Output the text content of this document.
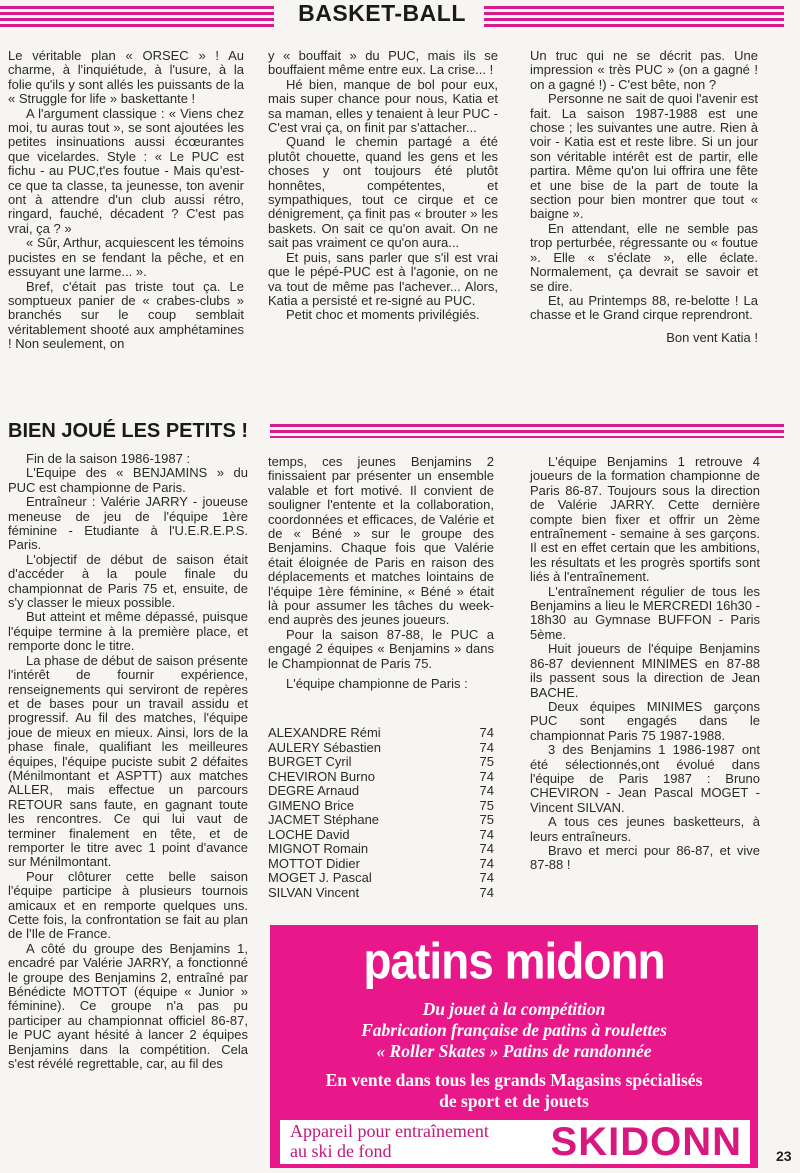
BASKET-BALL

Le véritable plan « ORSEC » ! Au charme, à l'inquiétude, à l'usure, à la folie qu'ils y sont allés les puissants de la « Struggle for life » baskettante !

A l'argument classique : « Viens chez moi, tu auras tout », se sont ajoutées les petites insinuations aussi écœurantes que vicelardes. Style : « Le PUC est fichu - au PUC,t'es foutue - Mais qu'est-ce que ta classe, ta jeunesse, ton avenir ont à attendre d'un club aussi rétro, ringard, fauché, décadent ? C'est pas vrai, ça ? »

« Sûr, Arthur, acquiescent les témoins pucistes en se fendant la pêche, et en essuyant une larme... ».

Bref, c'était pas triste tout ça. Le somptueux panier de « crabes-clubs » branchés sur le coup semblait véritablement shooté aux amphétamines ! Non seulement, on

y « bouffait » du PUC, mais ils se bouffaient même entre eux. La crise... !

Hé bien, manque de bol pour eux, mais super chance pour nous, Katia et sa maman, elles y tenaient à leur PUC - C'est vrai ça, on finit par s'attacher...

Quand le chemin partagé a été plutôt chouette, quand les gens et les choses y ont toujours été plutôt honnêtes, compétentes, et sympathiques, tout ce cirque et ce dénigrement, ça finit pas « brouter » les baskets. On sait ce qu'on avait. On ne sait pas vraiment ce qu'on aura...

Et puis, sans parler que s'il est vrai que le pépé-PUC est à l'agonie, on ne va tout de même pas l'achever... Alors, Katia a persisté et re-signé au PUC.

Petit choc et moments privilégiés.

Un truc qui ne se décrit pas. Une impression « très PUC » (on a gagné ! on a gagné !) - C'est bête, non ?

Personne ne sait de quoi l'avenir est fait. La saison 1987-1988 est une chose ; les suivantes une autre. Rien à voir - Katia est et reste libre. Si un jour son véritable intérêt est de partir, elle partira. Même qu'on lui offrira une fête et une bise de la part de toute la section pour bien montrer que tout « baigne ».

En attendant, elle ne semble pas trop perturbée, régressante ou « foutue ». Elle « s'éclate », elle éclate. Normalement, ça devrait se savoir et se dire.

Et, au Printemps 88, re-belotte ! La chasse et le Grand cirque reprendront.

Bon vent Katia !

BIEN JOUÉ LES PETITS !

Fin de la saison 1986-1987 :

L'Equipe des « BENJAMINS » du PUC est championne de Paris.

Entraîneur : Valérie JARRY - joueuse meneuse de jeu de l'équipe 1ère féminine - Etudiante à l'U.E.R.E.P.S. Paris.

L'objectif de début de saison était d'accéder à la poule finale du championnat de Paris 75 et, ensuite, de s'y classer le mieux possible.

But atteint et même dépassé, puisque l'équipe termine à la première place, et remporte donc le titre.

La phase de début de saison présente l'intérêt de fournir expérience, renseignements qui serviront de repères et de bases pour un travail assidu et progressif. Au fil des matches, l'équipe joue de mieux en mieux. Ainsi, lors de la phase finale, qualifiant les meilleures équipes, l'équipe puciste subit 2 défaites (Ménilmontant et ASPTT) aux matches ALLER, mais effectue un parcours RETOUR sans faute, en gagnant toute les rencontres. Ce qui lui vaut de terminer finalement en tête, et de remporter le titre avec 1 point d'avance sur Ménilmontant.

Pour clôturer cette belle saison l'équipe participe à plusieurs tournois amicaux et en remporte quelques uns. Cette fois, la confrontation se fait au plan de l'Ile de France.

A côté du groupe des Benjamins 1, encadré par Valérie JARRY, a fonctionné le groupe des Benjamins 2, entraîné par Bénédicte MOTTOT (équipe « Junior » féminine). Ce groupe n'a pas pu participer au championnat officiel 86-87, le PUC ayant hésité à lancer 2 équipes Benjamins dans la compétition. Cela s'est révélé regrettable, car, au fil des

temps, ces jeunes Benjamins 2 finissaient par présenter un ensemble valable et fort motivé. Il convient de souligner l'entente et la collaboration, coordonnées et efficaces, de Valérie et de « Béné » sur le groupe des Benjamins. Chaque fois que Valérie était éloignée de Paris en raison des déplacements et matches lointains de l'équipe 1ère féminine, « Béné » était là pour assumer les tâches du week-end auprès des jeunes joueurs.

Pour la saison 87-88, le PUC a engagé 2 équipes « Benjamins » dans le Championnat de Paris 75.

L'équipe championne de Paris :

ALEXANDRE Rémi	74
AULERY Sébastien	74
BURGET Cyril	75
CHEVIRON Burno	74
DEGRE Arnaud	74
GIMENO Brice	75
JACMET Stéphane	75
LOCHE David	74
MIGNOT Romain	74
MOTTOT Didier	74
MOGET J. Pascal	74
SILVAN Vincent	74

L'équipe Benjamins 1 retrouve 4 joueurs de la formation championne de Paris 86-87. Toujours sous la direction de Valérie JARRY. Cette dernière compte bien fixer et offrir un 2ème entraînement - semaine à ses garçons. Il est en effet certain que les ambitions, les résultats et les progrès sportifs sont liés à l'entraînement.

L'entraînement régulier de tous les Benjamins a lieu le MERCREDI 16h30 - 18h30 au Gymnase BUFFON - Paris 5ème.

Huit joueurs de l'équipe Benjamins 86-87 deviennent MINIMES en 87-88 ils passent sous la direction de Jean BACHE.

Deux équipes MINIMES garçons PUC sont engagés dans le championnat Paris 75 1987-1988.

3 des Benjamins 1 1986-1987 ont été sélectionnés,ont évolué dans l'équipe de Paris 1987 : Bruno CHEVIRON - Jean Pascal MOGET - Vincent SILVAN.

A tous ces jeunes basketteurs, à leurs entraîneurs.

Bravo et merci pour 86-87, et vive 87-88 !

patins midonn
Du jouet à la compétition
Fabrication française de patins à roulettes
« Roller Skates » Patins de randonnée
En vente dans tous les grands Magasins spécialisés
de sport et de jouets
Appareil pour entraînement
au ski de fond	SKIDONN 23
